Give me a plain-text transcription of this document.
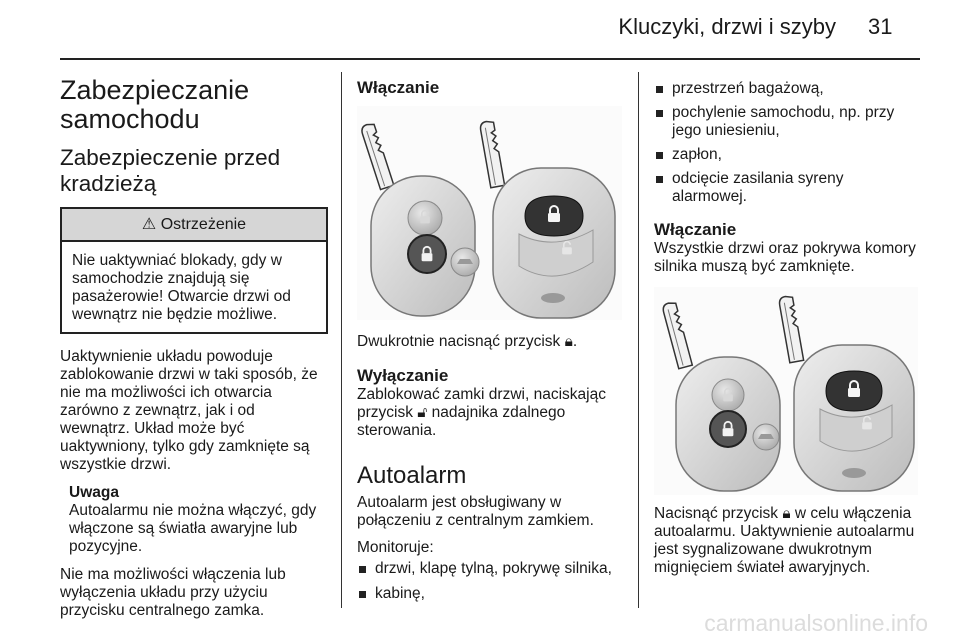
Kluczyki, drzwi i szyby 31
Zabezpieczanie samochodu
Zabezpieczenie przed kradzieżą
⚠ Ostrzeżenie
Nie uaktywniać blokady, gdy w samochodzie znajdują się pasażerowie! Otwarcie drzwi od wewnątrz nie będzie możliwe.
Uaktywnienie układu powoduje zablokowanie drzwi w taki sposób, że nie ma możliwości ich otwarcia zarówno z zewnątrz, jak i od wewnątrz. Układ może być uaktywniony, tylko gdy zamknięte są wszystkie drzwi.
Uwaga
Autoalarmu nie można włączyć, gdy włączone są światła awaryjne lub pozycyjne.
Nie ma możliwości włączenia lub wyłączenia układu przy użyciu przycisku centralnego zamka.
Włączanie
Dwukrotnie nacisnąć przycisk 🔒︎.
Wyłączanie
Zablokować zamki drzwi, naciskając przycisk 🔓︎ nadajnika zdalnego sterowania.
Autoalarm
Autoalarm jest obsługiwany w połączeniu z centralnym zamkiem.
Monitoruje:
drzwi, klapę tylną, pokrywę silnika,
kabinę,
przestrzeń bagażową,
pochylenie samochodu, np. przy jego uniesieniu,
zapłon,
odcięcie zasilania syreny alarmowej.
Włączanie
Wszystkie drzwi oraz pokrywa komory silnika muszą być zamknięte.
Nacisnąć przycisk 🔒︎ w celu włączenia autoalarmu. Uaktywnienie autoalarmu jest sygnalizowane dwukrotnym mignięciem świateł awaryjnych.
carmanualsonline.info
